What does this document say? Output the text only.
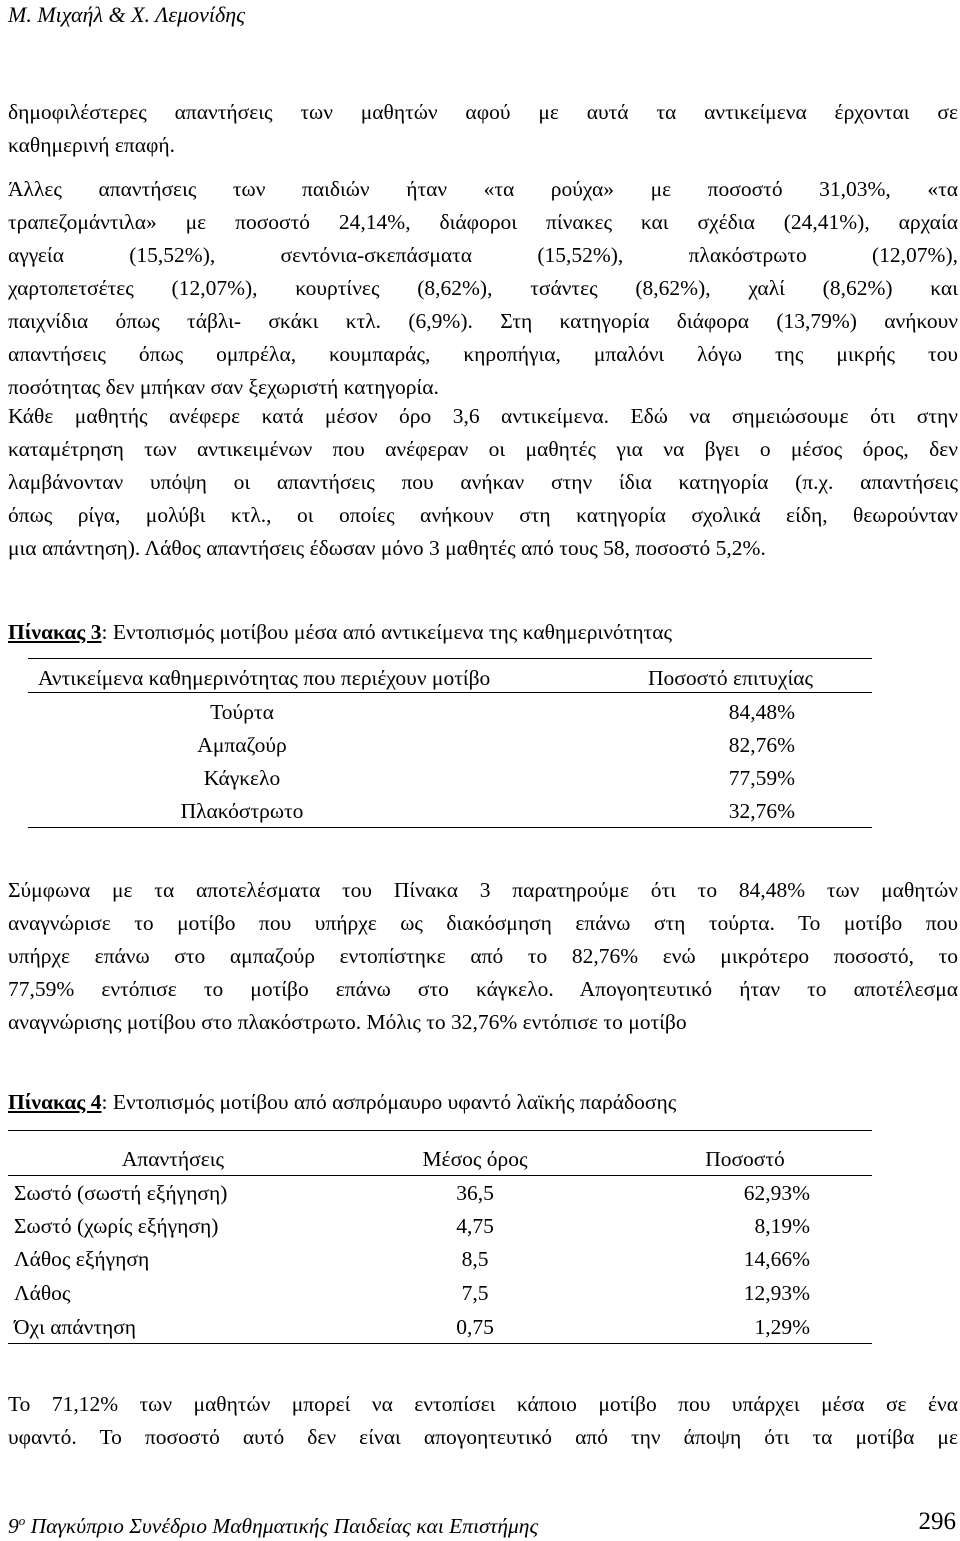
Μ. Μιχαήλ & Χ. Λεμονίδης
δημοφιλέστερες απαντήσεις των μαθητών αφού με αυτά τα αντικείμενα έρχονται σε
καθημερινή επαφή.
Άλλες απαντήσεις των παιδιών ήταν «τα ρούχα» με ποσοστό 31,03%, «τα
τραπεζομάντιλα» με ποσοστό 24,14%, διάφοροι πίνακες και σχέδια (24,41%), αρχαία
αγγεία (15,52%), σεντόνια-σκεπάσματα (15,52%), πλακόστρωτο (12,07%),
χαρτοπετσέτες (12,07%), κουρτίνες (8,62%), τσάντες (8,62%), χαλί (8,62%) και
παιχνίδια όπως τάβλι- σκάκι κτλ. (6,9%). Στη κατηγορία διάφορα (13,79%) ανήκουν
απαντήσεις όπως ομπρέλα, κουμπαράς, κηροπήγια, μπαλόνι λόγω της μικρής του
ποσότητας δεν μπήκαν σαν ξεχωριστή κατηγορία.
Κάθε μαθητής ανέφερε κατά μέσον όρο 3,6 αντικείμενα. Εδώ να σημειώσουμε ότι στην
καταμέτρηση των αντικειμένων που ανέφεραν οι μαθητές για να βγει ο μέσος όρος, δεν
λαμβάνονταν υπόψη οι απαντήσεις που ανήκαν στην ίδια κατηγορία (π.χ. απαντήσεις
όπως ρίγα, μολύβι κτλ., οι οποίες ανήκουν στη κατηγορία σχολικά είδη, θεωρούνταν
μια απάντηση). Λάθος απαντήσεις έδωσαν μόνο 3 μαθητές από τους 58, ποσοστό 5,2%.
Πίνακας 3: Εντοπισμός μοτίβου μέσα από αντικείμενα της καθημερινότητας
Αντικείμενα καθημερινότητας που περιέχουν μοτίβο	Ποσοστό επιτυχίας
Τούρτα	84,48%
Αμπαζούρ	82,76%
Κάγκελο	77,59%
Πλακόστρωτο	32,76%
Σύμφωνα με τα αποτελέσματα του Πίνακα 3 παρατηρούμε ότι το 84,48% των μαθητών
αναγνώρισε το μοτίβο που υπήρχε ως διακόσμηση επάνω στη τούρτα. Το μοτίβο που
υπήρχε επάνω στο αμπαζούρ εντοπίστηκε από το 82,76% ενώ μικρότερο ποσοστό, το
77,59% εντόπισε το μοτίβο επάνω στο κάγκελο. Απογοητευτικό ήταν το αποτέλεσμα
αναγνώρισης μοτίβου στο πλακόστρωτο. Μόλις το 32,76% εντόπισε το μοτίβο
Πίνακας 4: Εντοπισμός μοτίβου από ασπρόμαυρο υφαντό λαϊκής παράδοσης
Απαντήσεις	Μέσος όρος	Ποσοστό
Σωστό (σωστή εξήγηση)	36,5	62,93%
Σωστό (χωρίς εξήγηση)	4,75	8,19%
Λάθος εξήγηση	8,5	14,66%
Λάθος	7,5	12,93%
Όχι απάντηση	0,75	1,29%
Το 71,12% των μαθητών μπορεί να εντοπίσει κάποιο μοτίβο που υπάρχει μέσα σε ένα
υφαντό. Το ποσοστό αυτό δεν είναι απογοητευτικό από την άποψη ότι τα μοτίβα με
$9^o$ Παγκύπριο Συνέδριο Μαθηματικής Παιδείας και Επιστήμης	296
